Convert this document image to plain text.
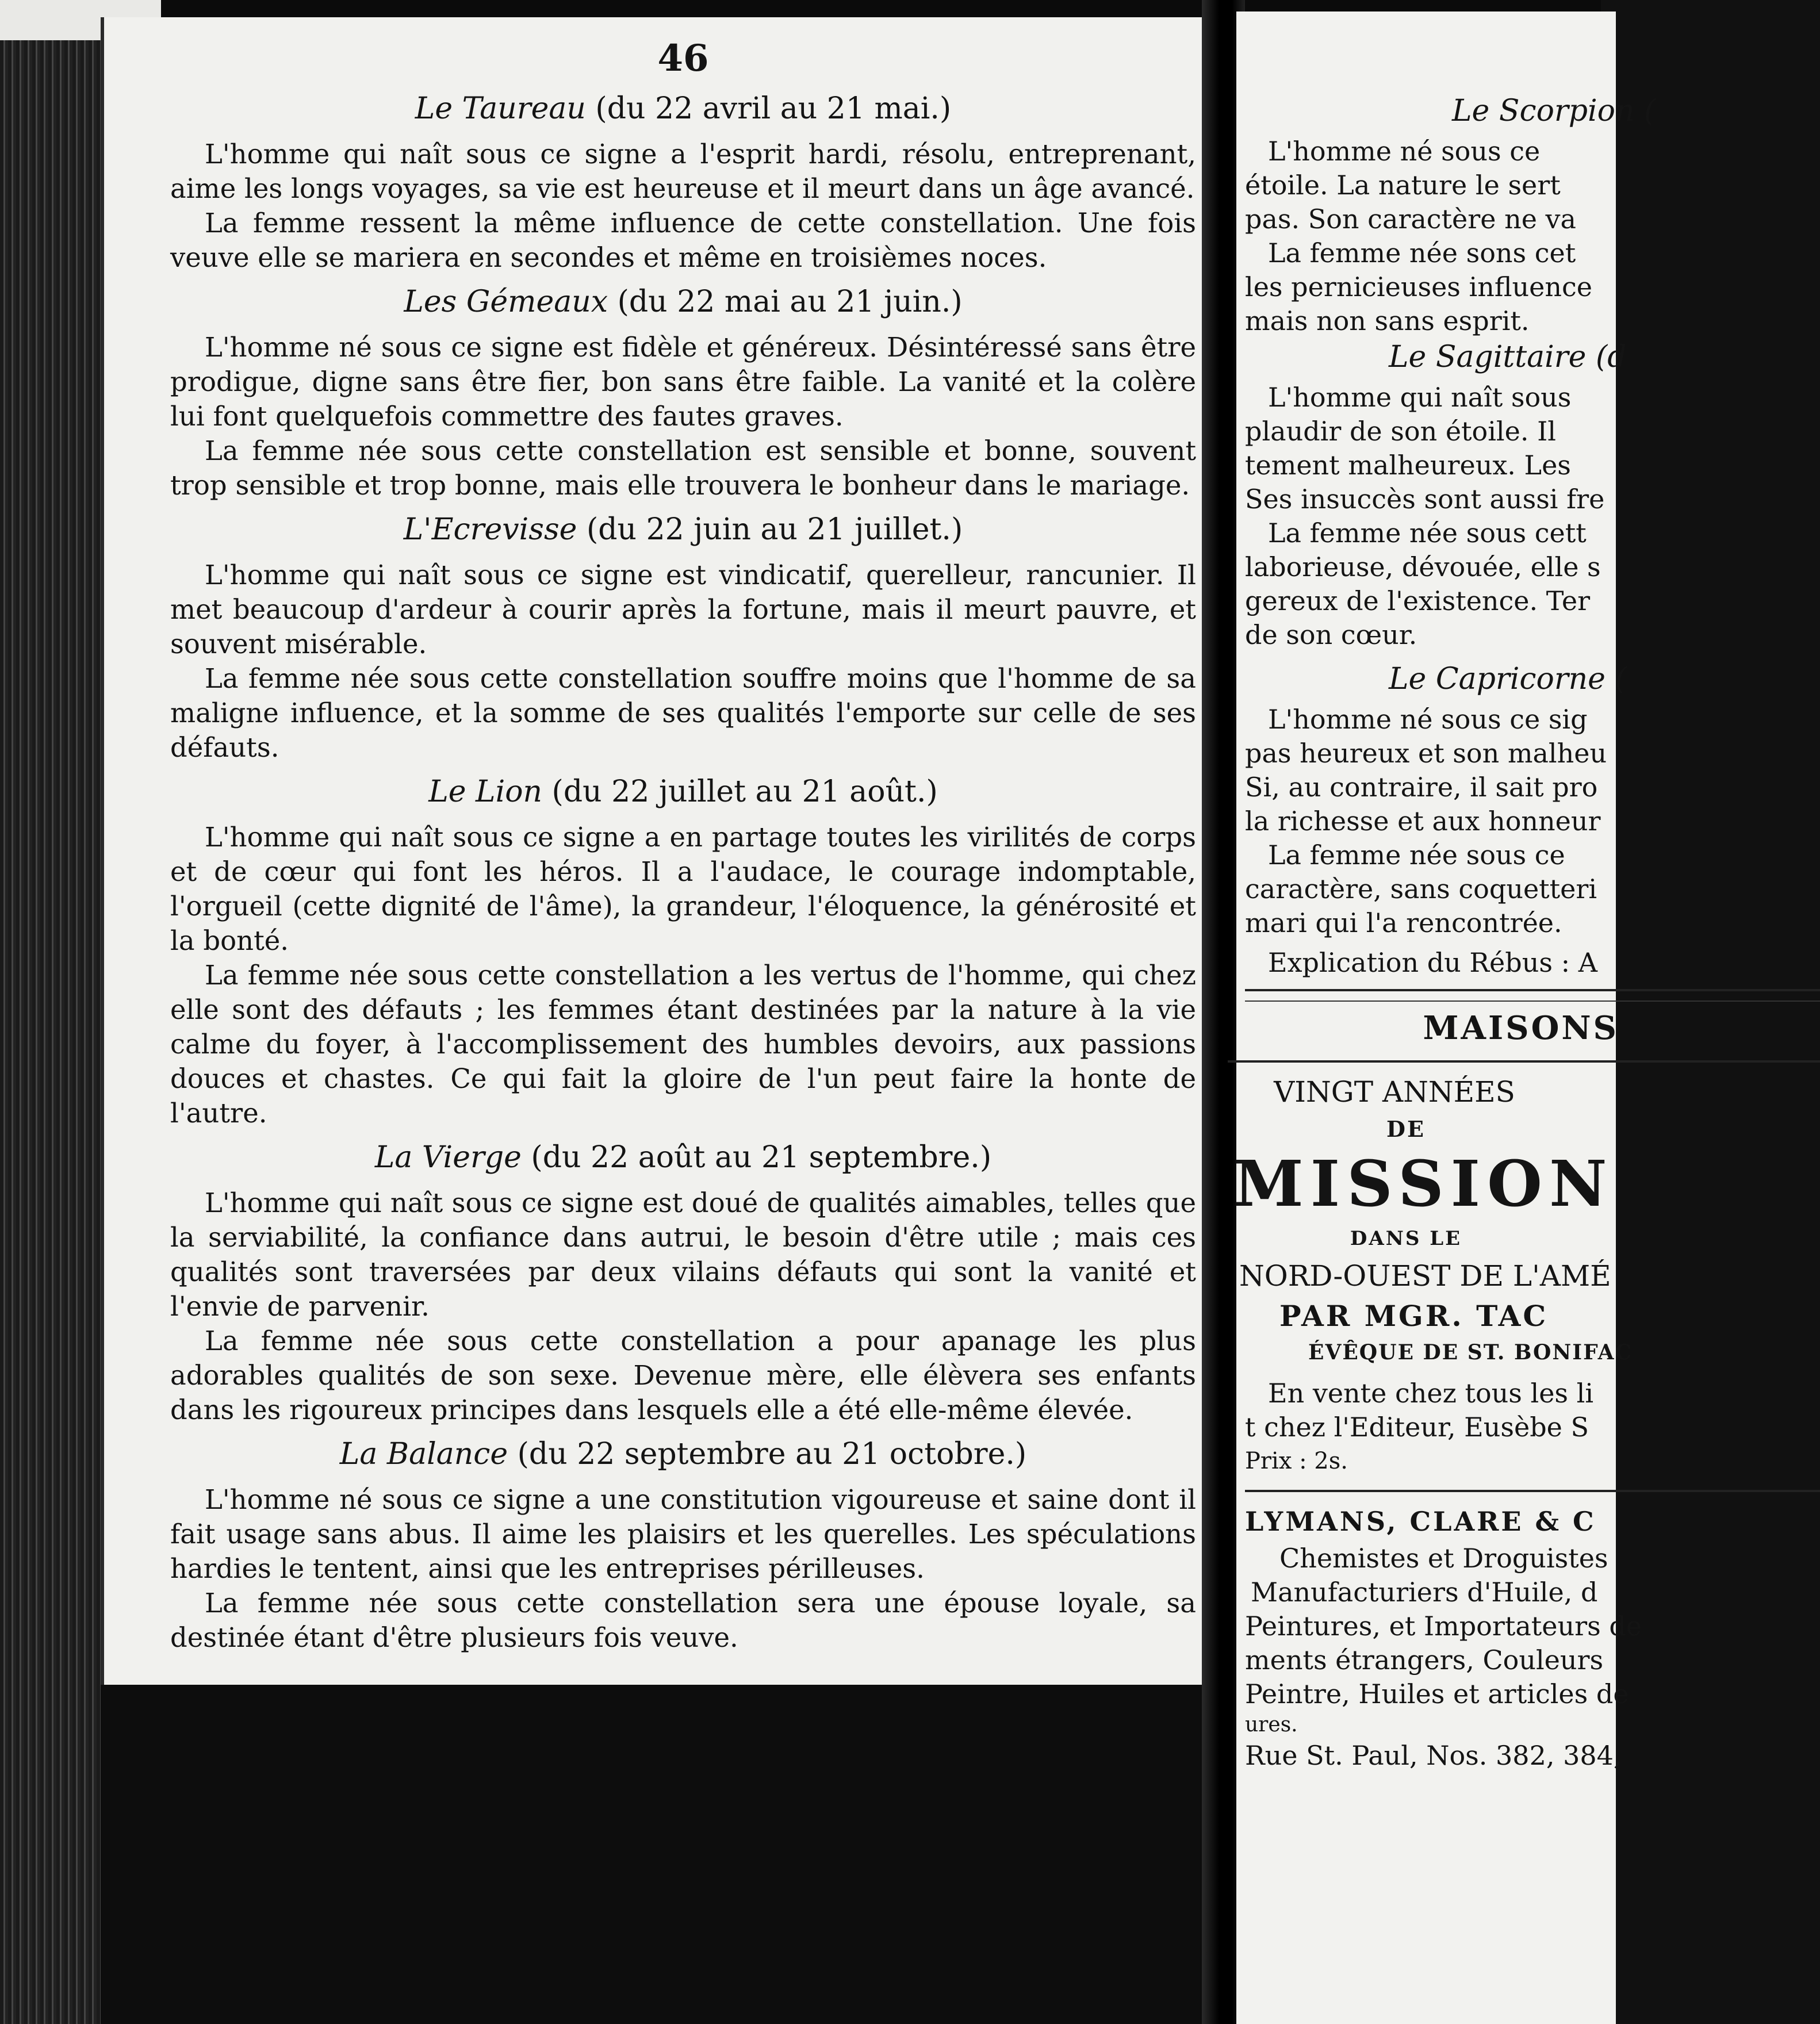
46
Le Taureau (du 22 avril au 21 mai.)

L'homme qui naît sous ce signe a l'esprit hardi, résolu, entreprenant, aime les longs voyages, sa vie est heureuse et il meurt dans un âge avancé.

La femme ressent la même influence de cette constellation. Une fois veuve elle se mariera en secondes et même en troisièmes noces.

Les Gémeaux (du 22 mai au 21 juin.)

L'homme né sous ce signe est fidèle et généreux. Désintéressé sans être prodigue, digne sans être fier, bon sans être faible. La vanité et la colère lui font quelquefois commettre des fautes graves.

La femme née sous cette constellation est sensible et bonne, souvent trop sensible et trop bonne, mais elle trouvera le bonheur dans le mariage.

L'Ecrevisse (du 22 juin au 21 juillet.)

L'homme qui naît sous ce signe est vindicatif, querelleur, rancunier. Il met beaucoup d'ardeur à courir après la fortune, mais il meurt pauvre, et souvent misérable.

La femme née sous cette constellation souffre moins que l'homme de sa maligne influence, et la somme de ses qualités l'emporte sur celle de ses défauts.

Le Lion (du 22 juillet au 21 août.)

L'homme qui naît sous ce signe a en partage toutes les virilités de corps et de cœur qui font les héros. Il a l'audace, le courage indomptable, l'orgueil (cette dignité de l'âme), la grandeur, l'éloquence, la générosité et la bonté.

La femme née sous cette constellation a les vertus de l'homme, qui chez elle sont des défauts ; les femmes étant destinées par la nature à la vie calme du foyer, à l'accomplissement des humbles devoirs, aux passions douces et chastes. Ce qui fait la gloire de l'un peut faire la honte de l'autre.

La Vierge (du 22 août au 21 septembre.)

L'homme qui naît sous ce signe est doué de qualités aimables, telles que la serviabilité, la confiance dans autrui, le besoin d'être utile ; mais ces qualités sont traversées par deux vilains défauts qui sont la vanité et l'envie de parvenir.

La femme née sous cette constellation a pour apanage les plus adorables qualités de son sexe. Devenue mère, elle élèvera ses enfants dans les rigoureux principes dans lesquels elle a été elle-même élevée.

La Balance (du 22 septembre au 21 octobre.)

L'homme né sous ce signe a une constitution vigoureuse et saine dont il fait usage sans abus. Il aime les plaisirs et les querelles. Les spéculations hardies le tentent, ainsi que les entreprises périlleuses.

La femme née sous cette constellation sera une épouse loyale, sa destinée étant d'être plusieurs fois veuve.

Le Scorpion (

L'homme né sous ce

étoile. La nature le sert

pas. Son caractère ne va

La femme née sons cet

les pernicieuses influence

mais non sans esprit.

Le Sagittaire (d

L'homme qui naît sous

plaudir de son étoile. Il

tement malheureux. Les

Ses insuccès sont aussi fre

La femme née sous cett

laborieuse, dévouée, elle s

gereux de l'existence. Ter

de son cœur.

Le Capricorne (

L'homme né sous ce sig

pas heureux et son malheu

Si, au contraire, il sait pro

la richesse et aux honneur

La femme née sous ce

caractère, sans coquetteri

mari qui l'a rencontrée.

Explication du Rébus : A

MAISONS
VINGT ANNÉES
DE
MISSION
DANS LE

NORD-OUEST DE L'AMÉ

PAR MGR. TAC
ÉVÊQUE DE ST. BONIFAC

En vente chez tous les li

t chez l'Editeur, Eusèbe S

Prix : 2s.

LYMANS, CLARE & C

Chemistes et Droguistes

Manufacturiers d'Huile, d

Peintures, et Importateurs de

ments étrangers, Couleurs

Peintre, Huiles et articles de

ures.

Rue St. Paul, Nos. 382, 384,
